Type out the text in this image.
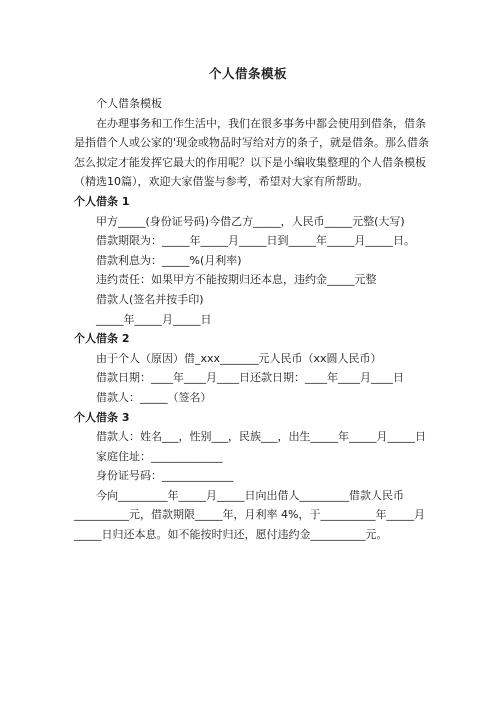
个人借条模板

个人借条模板

在办理事务和工作生活中，我们在很多事务中都会使用到借条，借条是指借个人或公家的'现金或物品时写给对方的条子，就是借条。那么借条怎么拟定才能发挥它最大的作用呢？以下是小编收集整理的个人借条模板（精选10篇），欢迎大家借鉴与参考，希望对大家有所帮助。

个人借条 1

甲方_____(身份证号码)今借乙方_____，人民币_____元整(大写)

借款期限为：_____年_____月_____日到_____年_____月_____日。

借款利息为：_____%(月利率)

违约责任：如果甲方不能按期归还本息，违约金_____元整

借款人(签名并按手印)

_____年_____月_____日

个人借条 2

由于个人（原因）借_xxx_______元人民币（xx圆人民币）

借款日期：____年____月____日还款日期：____年____月____日

借款人：_____（签名）

个人借条 3

借款人：姓名___，性别___，民族___，出生_____年_____月_____日

家庭住址：_____________

身份证号码：_____________

今向_________年_____月_____日向出借人_________借款人民币__________元，借款期限_____年，月利率 4%，于__________年_____月_____日归还本息。如不能按时归还，愿付违约金__________元。
